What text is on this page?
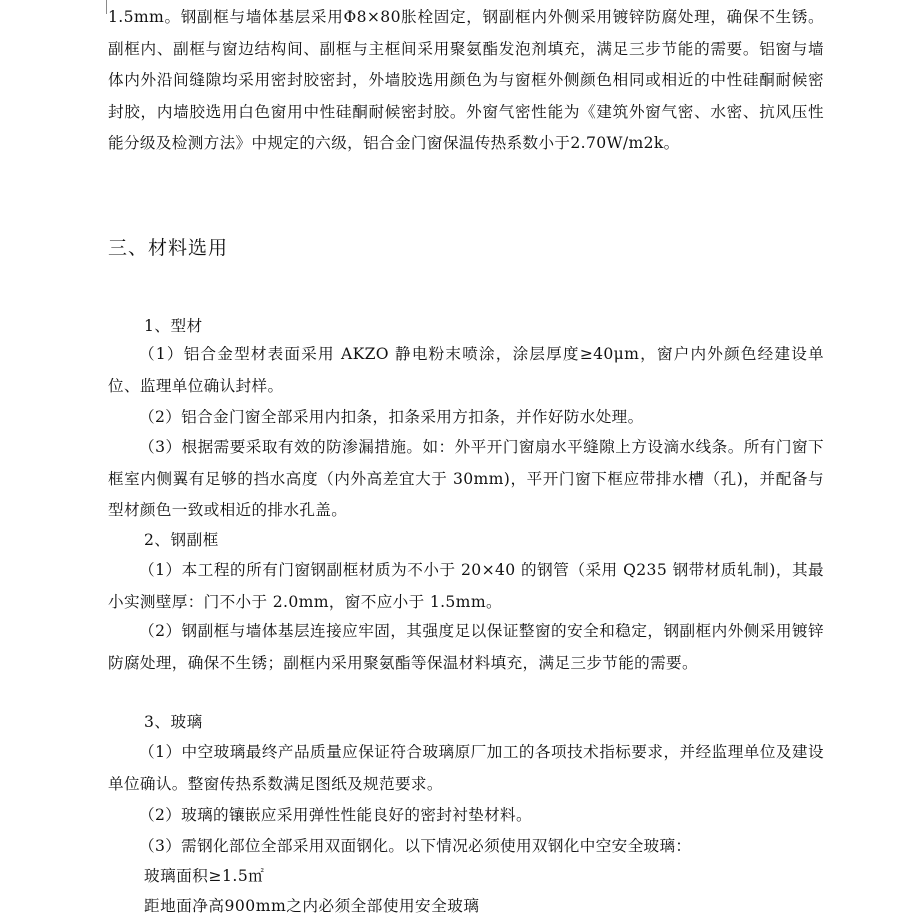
1.5mm。钢副框与墙体基层采用Φ8×80胀栓固定，钢副框内外侧采用镀锌防腐处理，确保不生锈。副框内、副框与窗边结构间、副框与主框间采用聚氨酯发泡剂填充，满足三步节能的需要。铝窗与墙体内外沿间缝隙均采用密封胶密封，外墙胶选用颜色为与窗框外侧颜色相同或相近的中性硅酮耐候密封胶，内墙胶选用白色窗用中性硅酮耐候密封胶。外窗气密性能为《建筑外窗气密、水密、抗风压性能分级及检测方法》中规定的六级，铝合金门窗保温传热系数小于2.70W/m2k。

三、材料选用

1、型材

（1）铝合金型材表面采用 AKZO 静电粉末喷涂，涂层厚度≥40μm，窗户内外颜色经建设单位、监理单位确认封样。

（2）铝合金门窗全部采用内扣条，扣条采用方扣条，并作好防水处理。

（3）根据需要采取有效的防渗漏措施。如：外平开门窗扇水平缝隙上方设滴水线条。所有门窗下框室内侧翼有足够的挡水高度（内外高差宜大于 30mm)，平开门窗下框应带排水槽（孔)，并配备与型材颜色一致或相近的排水孔盖。

2、钢副框

（1）本工程的所有门窗钢副框材质为不小于 20×40 的钢管（采用 Q235 钢带材质轧制)，其最小实测壁厚：门不小于 2.0mm，窗不应小于 1.5mm。

（2）钢副框与墙体基层连接应牢固，其强度足以保证整窗的安全和稳定，钢副框内外侧采用镀锌防腐处理，确保不生锈；副框内采用聚氨酯等保温材料填充，满足三步节能的需要。

3、玻璃

（1）中空玻璃最终产品质量应保证符合玻璃原厂加工的各项技术指标要求，并经监理单位及建设单位确认。整窗传热系数满足图纸及规范要求。

（2）玻璃的镶嵌应采用弹性性能良好的密封衬垫材料。

（3）需钢化部位全部采用双面钢化。以下情况必须使用双钢化中空安全玻璃：

玻璃面积≥1.5㎡

距地面净高900mm之内必须全部使用安全玻璃
